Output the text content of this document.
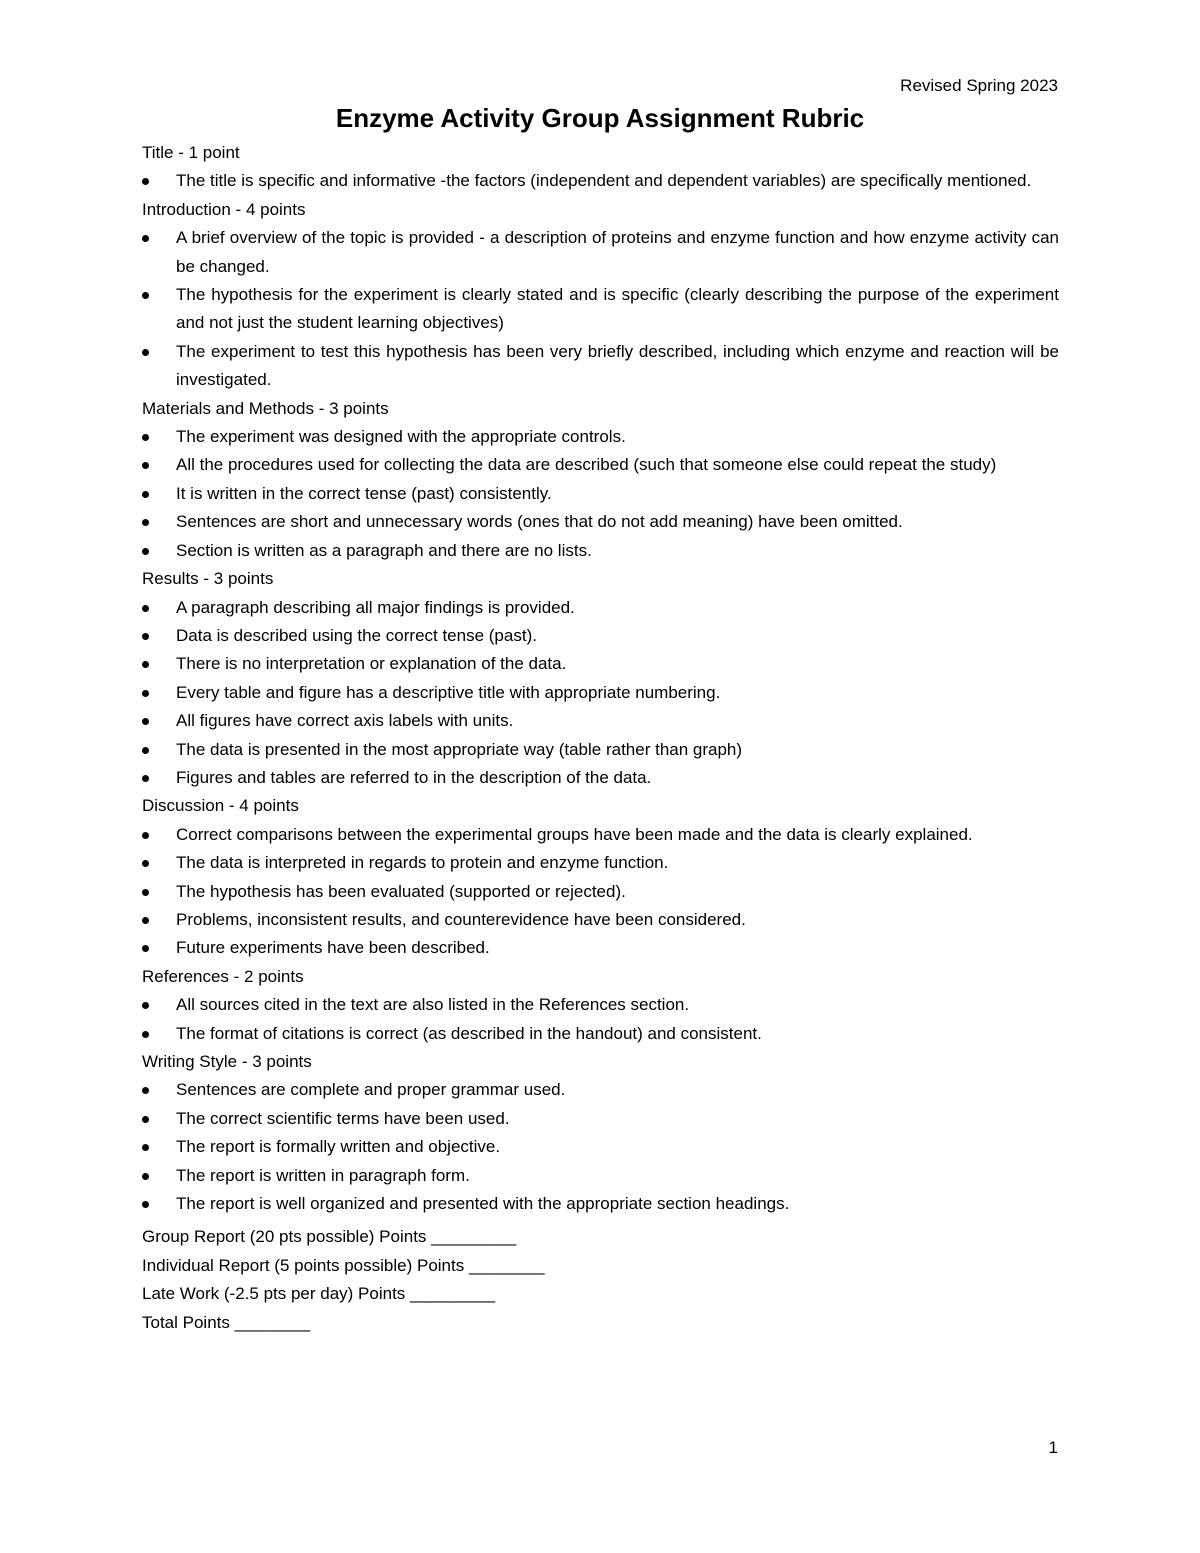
Revised Spring 2023
Enzyme Activity Group Assignment Rubric
Title - 1 point
The title is specific and informative -the factors (independent and dependent variables) are specifically mentioned.
Introduction - 4 points
A brief overview of the topic is provided - a description of proteins and enzyme function and how enzyme activity can be changed.
The hypothesis for the experiment is clearly stated and is specific (clearly describing the purpose of the experiment and not just the student learning objectives)
The experiment to test this hypothesis has been very briefly described, including which enzyme and reaction will be investigated.
Materials and Methods - 3 points
The experiment was designed with the appropriate controls.
All the procedures used for collecting the data are described (such that someone else could repeat the study)
It is written in the correct tense (past) consistently.
Sentences are short and unnecessary words (ones that do not add meaning) have been omitted.
Section is written as a paragraph and there are no lists.
Results - 3 points
A paragraph describing all major findings is provided.
Data is described using the correct tense (past).
There is no interpretation or explanation of the data.
Every table and figure has a descriptive title with appropriate numbering.
All figures have correct axis labels with units.
The data is presented in the most appropriate way (table rather than graph)
Figures and tables are referred to in the description of the data.
Discussion - 4 points
Correct comparisons between the experimental groups have been made and the data is clearly explained.
The data is interpreted in regards to protein and enzyme function.
The hypothesis has been evaluated (supported or rejected).
Problems, inconsistent results, and counterevidence have been considered.
Future experiments have been described.
References - 2 points
All sources cited in the text are also listed in the References section.
The format of citations is correct (as described in the handout) and consistent.
Writing Style - 3 points
Sentences are complete and proper grammar used.
The correct scientific terms have been used.
The report is formally written and objective.
The report is written in paragraph form.
The report is well organized and presented with the appropriate section headings.
Group Report (20 pts possible) Points _________
Individual Report (5 points possible) Points ________
Late Work (-2.5 pts per day) Points _________
Total Points ________
1
